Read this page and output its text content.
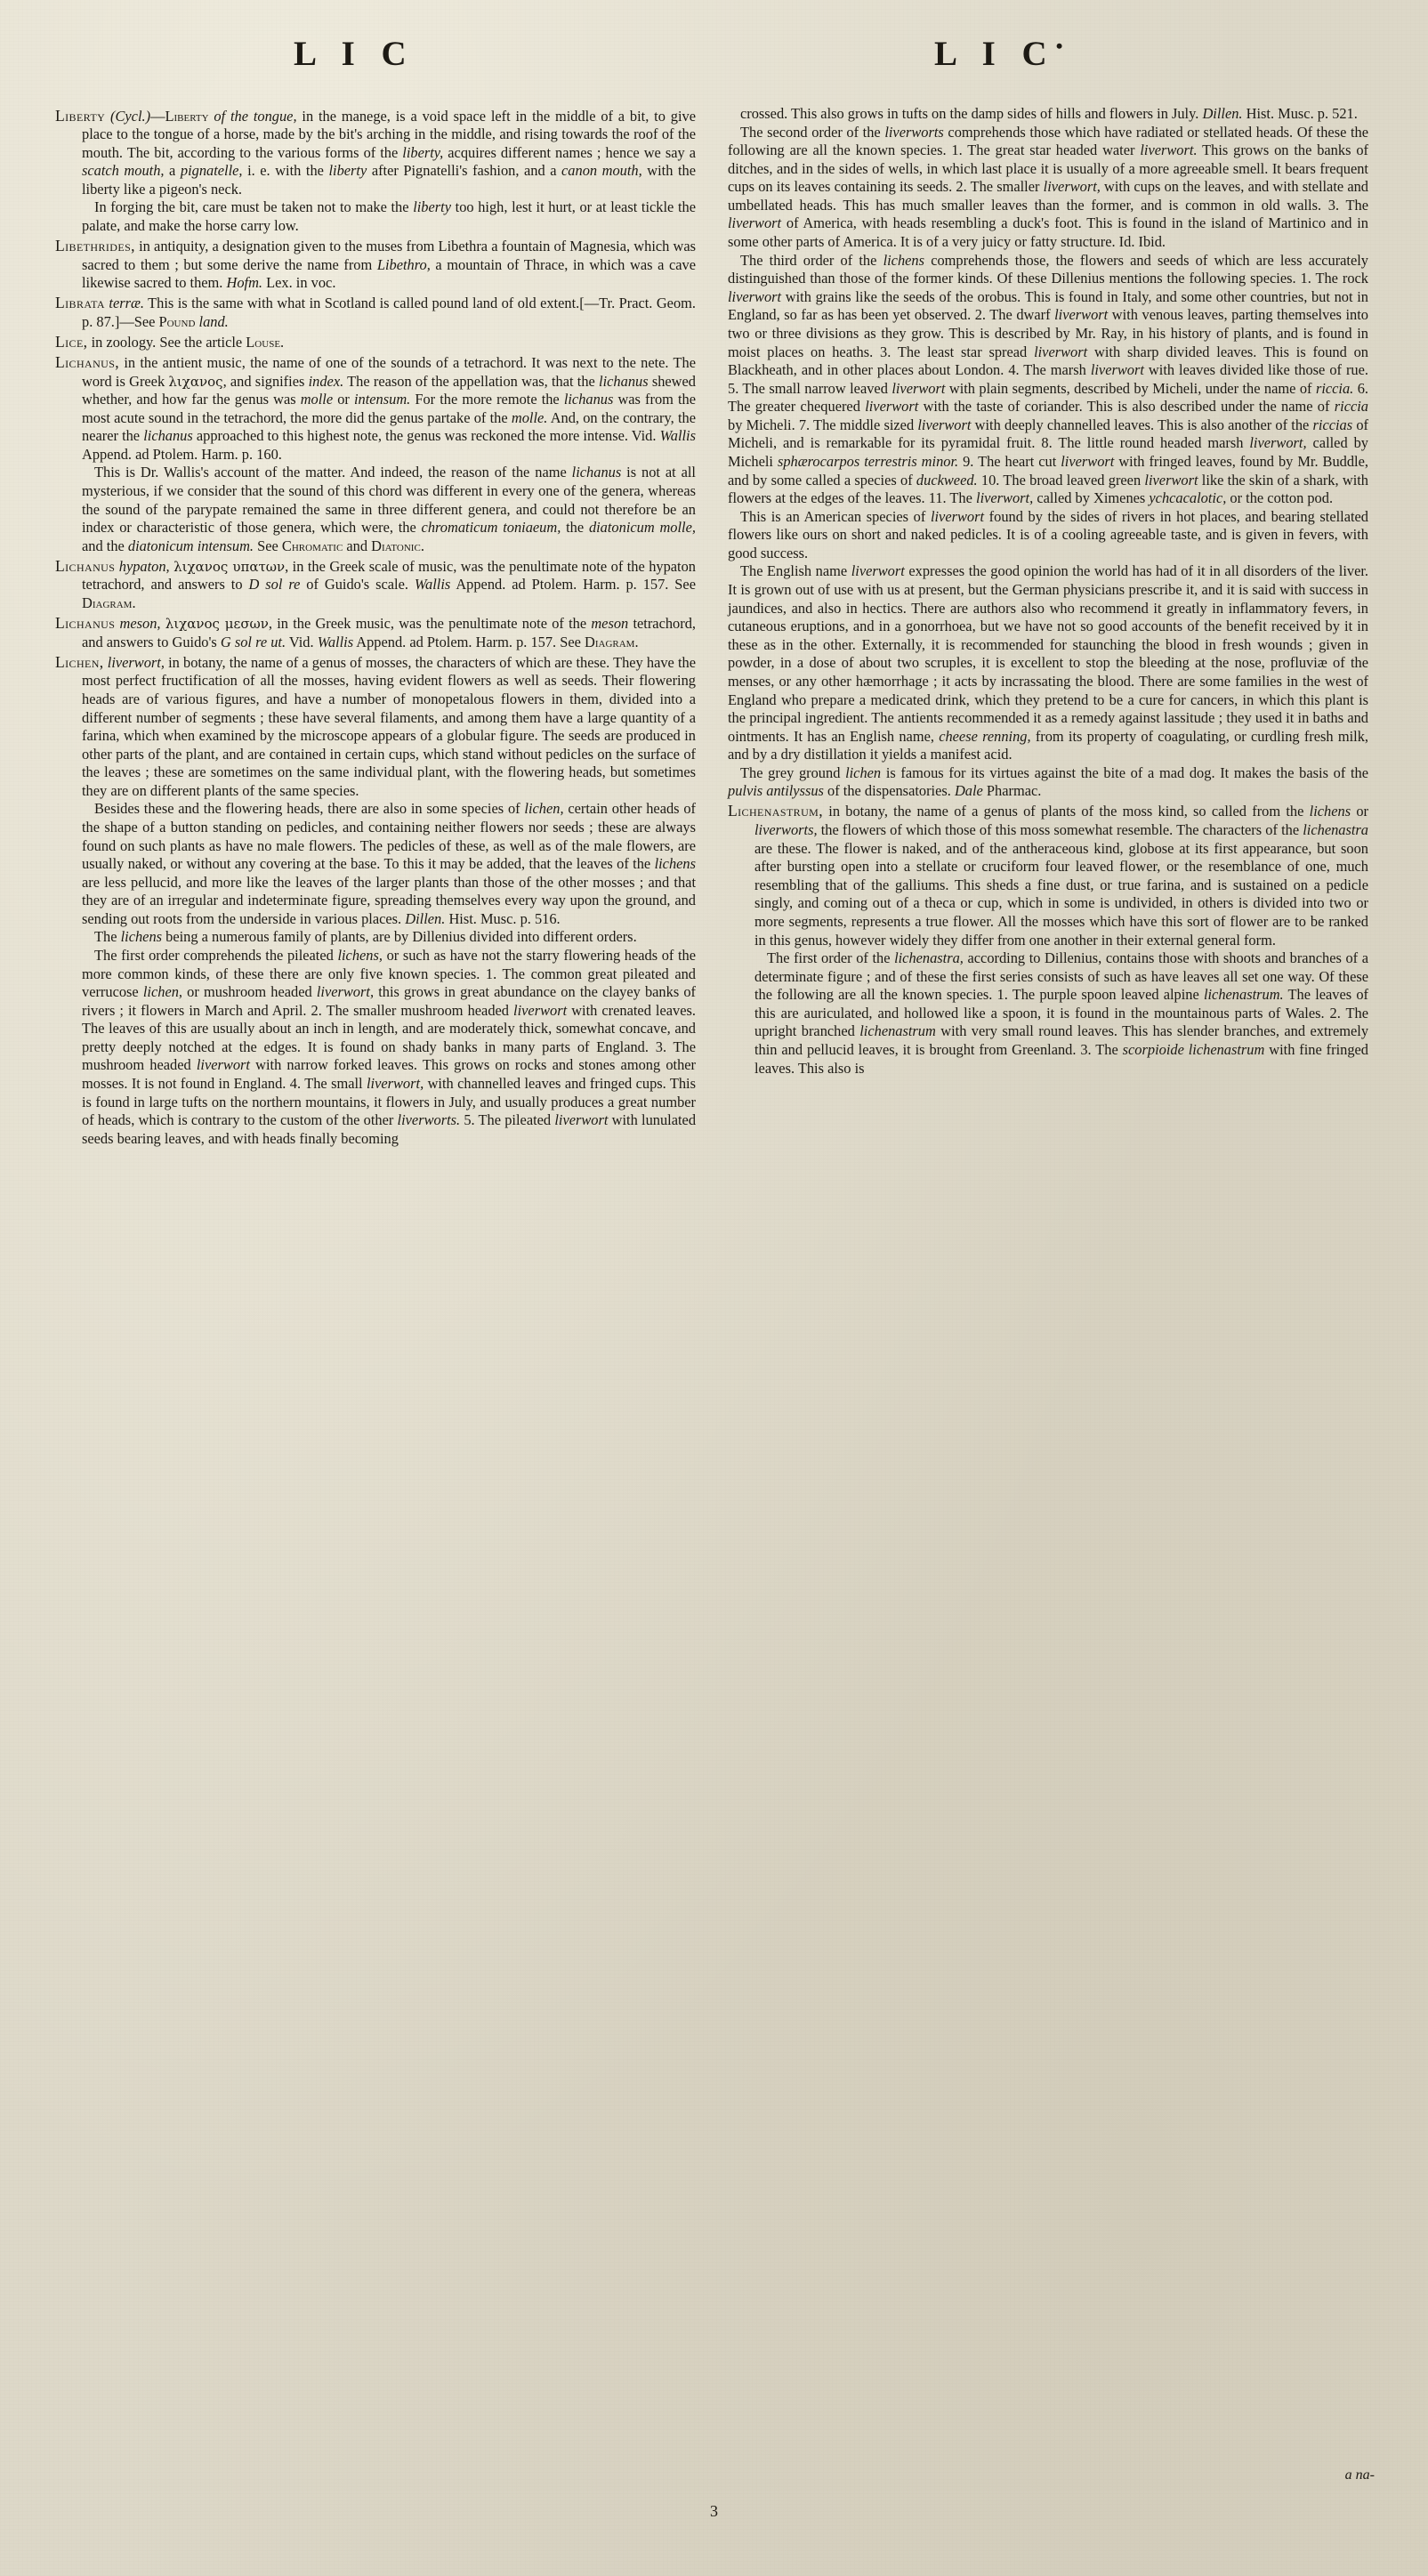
L I C	L I C•

Liberty (Cycl.)—Liberty of the tongue, in the manege, is a void space left in the middle of a bit, to give place to the tongue of a horse, made by the bit's arching in the middle, and rising towards the roof of the mouth. The bit, according to the various forms of the liberty, acquires different names ; hence we say a scatch mouth, a pignatelle, i. e. with the liberty after Pignatelli's fashion, and a canon mouth, with the liberty like a pigeon's neck.

In forging the bit, care must be taken not to make the liberty too high, lest it hurt, or at least tickle the palate, and make the horse carry low.

Libethrides, in antiquity, a designation given to the muses from Libethra a fountain of Magnesia, which was sacred to them ; but some derive the name from Libethro, a mountain of Thrace, in which was a cave likewise sacred to them. Hofm. Lex. in voc.

Librata terræ. This is the same with what in Scotland is called pound land of old extent.[—Tr. Pract. Geom. p. 87.]—See Pound land.

Lice, in zoology. See the article Louse.

Lichanus, in the antient music, the name of one of the sounds of a tetrachord. It was next to the nete. The word is Greek λιχανος, and signifies index. The reason of the appellation was, that the lichanus shewed whether, and how far the genus was molle or intensum. For the more remote the lichanus was from the most acute sound in the tetrachord, the more did the genus partake of the molle. And, on the contrary, the nearer the lichanus approached to this highest note, the genus was reckoned the more intense. Vid. Wallis Append. ad Ptolem. Harm. p. 160.

This is Dr. Wallis's account of the matter. And indeed, the reason of the name lichanus is not at all mysterious, if we consider that the sound of this chord was different in every one of the genera, whereas the sound of the parypate remained the same in three different genera, and could not therefore be an index or characteristic of those genera, which were, the chromaticum toniaeum, the diatonicum molle, and the diatonicum intensum. See Chromatic and Diatonic.

Lichanus hypaton, λιχανος υπατων, in the Greek scale of music, was the penultimate note of the hypaton tetrachord, and answers to D sol re of Guido's scale. Wallis Append. ad Ptolem. Harm. p. 157. See Diagram.

Lichanus meson, λιχανος μεσων, in the Greek music, was the penultimate note of the meson tetrachord, and answers to Guido's G sol re ut. Vid. Wallis Append. ad Ptolem. Harm. p. 157. See Diagram.

Lichen, liverwort, in botany, the name of a genus of mosses, the characters of which are these. They have the most perfect fructification of all the mosses, having evident flowers as well as seeds. Their flowering heads are of various figures, and have a number of monopetalous flowers in them, divided into a different number of segments ; these have several filaments, and among them have a large quantity of a farina, which when examined by the microscope appears of a globular figure. The seeds are produced in other parts of the plant, and are contained in certain cups, which stand without pedicles on the surface of the leaves ; these are sometimes on the same individual plant, with the flowering heads, but sometimes they are on different plants of the same species.

Besides these and the flowering heads, there are also in some species of lichen, certain other heads of the shape of a button standing on pedicles, and containing neither flowers nor seeds ; these are always found on such plants as have no male flowers. The pedicles of these, as well as of the male flowers, are usually naked, or without any covering at the base. To this it may be added, that the leaves of the lichens are less pellucid, and more like the leaves of the larger plants than those of the other mosses ; and that they are of an irregular and indeterminate figure, spreading themselves every way upon the ground, and sending out roots from the underside in various places. Dillen. Hist. Musc. p. 516.

The lichens being a numerous family of plants, are by Dillenius divided into different orders.

The first order comprehends the pileated lichens, or such as have not the starry flowering heads of the more common kinds, of these there are only five known species. 1. The common great pileated and verrucose lichen, or mushroom headed liverwort, this grows in great abundance on the clayey banks of rivers ; it flowers in March and April. 2. The smaller mushroom headed liverwort with crenated leaves. The leaves of this are usually about an inch in length, and are moderately thick, somewhat concave, and pretty deeply notched at the edges. It is found on shady banks in many parts of England. 3. The mushroom headed liverwort with narrow forked leaves. This grows on rocks and stones among other mosses. It is not found in England. 4. The small liverwort, with channelled leaves and fringed cups. This is found in large tufts on the northern mountains, it flowers in July, and usually produces a great number of heads, which is contrary to the custom of the other liverworts. 5. The pileated liverwort with lunulated seeds bearing leaves, and with heads finally becoming

crossed. This also grows in tufts on the damp sides of hills and flowers in July. Dillen. Hist. Musc. p. 521.

The second order of the liverworts comprehends those which have radiated or stellated heads. Of these the following are all the known species. 1. The great star headed water liverwort. This grows on the banks of ditches, and in the sides of wells, in which last place it is usually of a more agreeable smell. It bears frequent cups on its leaves containing its seeds. 2. The smaller liverwort, with cups on the leaves, and with stellate and umbellated heads. This has much smaller leaves than the former, and is common in old walls. 3. The liverwort of America, with heads resembling a duck's foot. This is found in the island of Martinico and in some other parts of America. It is of a very juicy or fatty structure. Id. Ibid.

The third order of the lichens comprehends those, the flowers and seeds of which are less accurately distinguished than those of the former kinds. Of these Dillenius mentions the following species. 1. The rock liverwort with grains like the seeds of the orobus. This is found in Italy, and some other countries, but not in England, so far as has been yet observed. 2. The dwarf liverwort with venous leaves, parting themselves into two or three divisions as they grow. This is described by Mr. Ray, in his history of plants, and is found in moist places on heaths. 3. The least star spread liverwort with sharp divided leaves. This is found on Blackheath, and in other places about London. 4. The marsh liverwort with leaves divided like those of rue. 5. The small narrow leaved liverwort with plain segments, described by Micheli, under the name of riccia. 6. The greater chequered liverwort with the taste of coriander. This is also described under the name of riccia by Micheli. 7. The middle sized liverwort with deeply channelled leaves. This is also another of the riccias of Micheli, and is remarkable for its pyramidal fruit. 8. The little round headed marsh liverwort, called by Micheli sphærocarpos terrestris minor. 9. The heart cut liverwort with fringed leaves, found by Mr. Buddle, and by some called a species of duckweed. 10. The broad leaved green liverwort like the skin of a shark, with flowers at the edges of the leaves. 11. The liverwort, called by Ximenes ychcacalotic, or the cotton pod.

This is an American species of liverwort found by the sides of rivers in hot places, and bearing stellated flowers like ours on short and naked pedicles. It is of a cooling agreeable taste, and is given in fevers, with good success.

The English name liverwort expresses the good opinion the world has had of it in all disorders of the liver. It is grown out of use with us at present, but the German physicians prescribe it, and it is said with success in jaundices, and also in hectics. There are authors also who recommend it greatly in inflammatory fevers, in cutaneous eruptions, and in a gonorrhoea, but we have not so good accounts of the benefit received by it in these as in the other. Externally, it is recommended for staunching the blood in fresh wounds ; given in powder, in a dose of about two scruples, it is excellent to stop the bleeding at the nose, profluviæ of the menses, or any other hæmorrhage ; it acts by incrassating the blood. There are some families in the west of England who prepare a medicated drink, which they pretend to be a cure for cancers, in which this plant is the principal ingredient. The antients recommended it as a remedy against lassitude ; they used it in baths and ointments. It has an English name, cheese renning, from its property of coagulating, or curdling fresh milk, and by a dry distillation it yields a manifest acid.

The grey ground lichen is famous for its virtues against the bite of a mad dog. It makes the basis of the pulvis antilyssus of the dispensatories. Dale Pharmac.

Lichenastrum, in botany, the name of a genus of plants of the moss kind, so called from the lichens or liverworts, the flowers of which those of this moss somewhat resemble. The characters of the lichenastra are these. The flower is naked, and of the antheraceous kind, globose at its first appearance, but soon after bursting open into a stellate or cruciform four leaved flower, or the resemblance of one, much resembling that of the galliums. This sheds a fine dust, or true farina, and is sustained on a pedicle singly, and coming out of a theca or cup, which in some is undivided, in others is divided into two or more segments, represents a true flower. All the mosses which have this sort of flower are to be ranked in this genus, however widely they differ from one another in their external general form.

The first order of the lichenastra, according to Dillenius, contains those with shoots and branches of a determinate figure ; and of these the first series consists of such as have leaves all set one way. Of these the following are all the known species. 1. The purple spoon leaved alpine lichenastrum. The leaves of this are auriculated, and hollowed like a spoon, it is found in the mountainous parts of Wales. 2. The upright branched lichenastrum with very small round leaves. This has slender branches, and extremely thin and pellucid leaves, it is brought from Greenland. 3. The scorpioide lichenastrum with fine fringed leaves. This also is

a na-
3
